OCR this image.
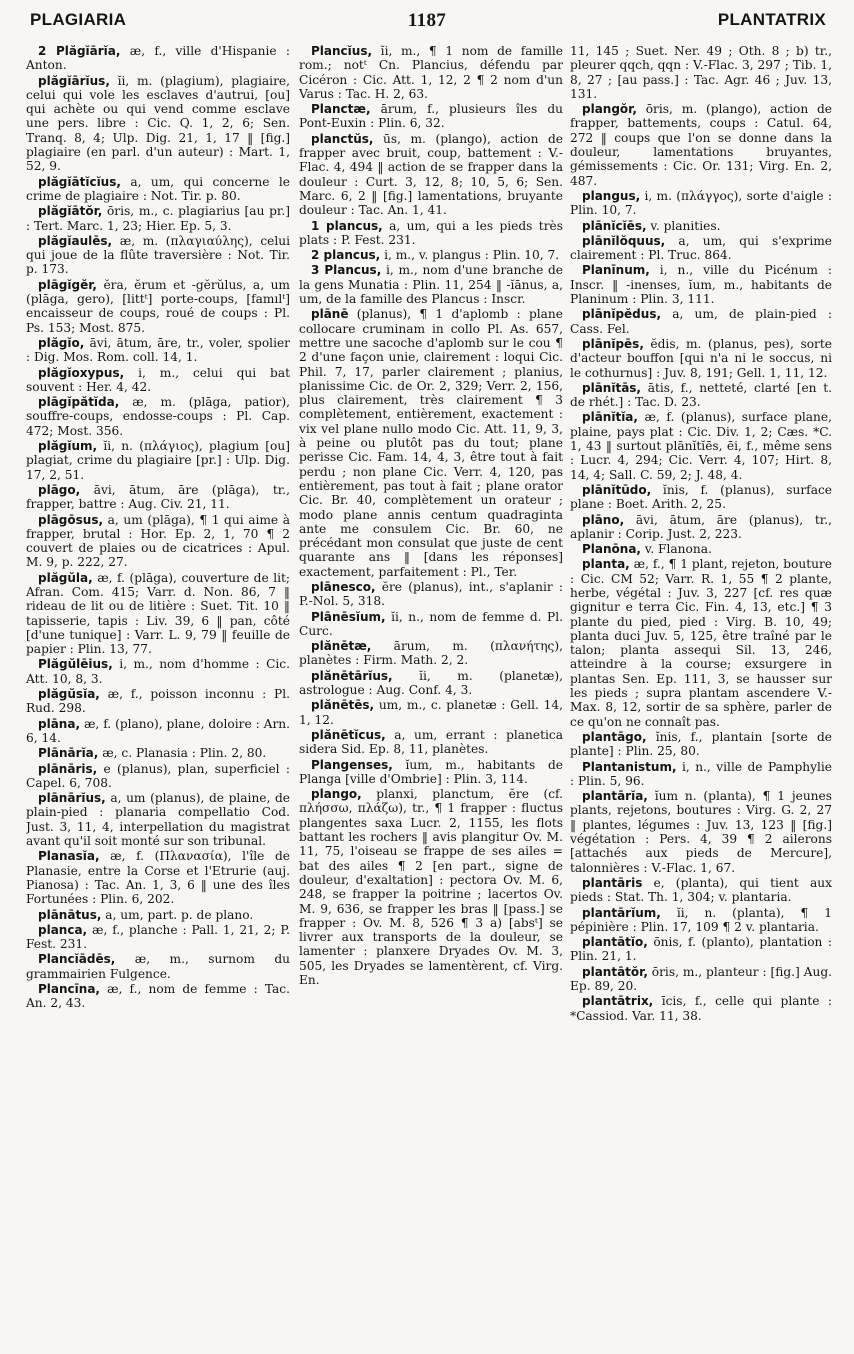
PLAGIARIA	1187	PLANTATRIX

2 Plăgĭārĭa, æ, f., ville d'Hispanie : Anton.

plăgĭārĭus, ĭi, m. (plagium), plagiaire, celui qui vole les esclaves d'autrui, [ou] qui achète ou qui vend comme esclave une pers. libre : Cic. Q. 1, 2, 6; Sen. Tranq. 8, 4; Ulp. Dig. 21, 1, 17 ‖ [fig.] plagiaire (en parl. d'un auteur) : Mart. 1, 52, 9.

plăgĭātĭcĭus, a, um, qui concerne le crime de plagiaire : Not. Tir. p. 80.

plăgĭātŏr, ōris, m., c. plagiarius [au pr.] : Tert. Marc. 1, 23; Hier. Ep. 5, 3.

plăgĭaulēs, æ, m. (πλαγιαύλης), celui qui joue de la flûte traversière : Not. Tir. p. 173.

plāgĭgĕr, ĕra, ĕrum et -gĕrŭlus, a, um (plāga, gero), [littᵗ] porte-coups, [famılᵗ] encaisseur de coups, roué de coups : Pl. Ps. 153; Most. 875.

plăgĭo, āvi, ātum, āre, tr., voler, spolier : Dig. Mos. Rom. coll. 14, 1.

plăgĭoxypus, i, m., celui qui bat souvent : Her. 4, 42.

plāgĭpătĭda, æ, m. (plāga, patior), souffre-coups, endosse-coups : Pl. Cap. 472; Most. 356.

plăgĭum, ĭi, n. (πλάγιος), plagium [ou] plagiat, crime du plagiaire [pr.] : Ulp. Dig. 17, 2, 51.

plāgo, āvi, ātum, āre (plāga), tr., frapper, battre : Aug. Civ. 21, 11.

plāgōsus, a, um (plāga), ¶ 1 qui aime à frapper, brutal : Hor. Ep. 2, 1, 70 ¶ 2 couvert de plaies ou de cicatrices : Apul. M. 9, p. 222, 27.

plăgŭla, æ, f. (plāga), couverture de lit; Afran. Com. 415; Varr. d. Non. 86, 7 ‖ rideau de lit ou de litière : Suet. Tit. 10 ‖ tapisserie, tapis : Liv. 39, 6 ‖ pan, côté [d'une tunique] : Varr. L. 9, 79 ‖ feuille de papier : Plin. 13, 77.

Plăgŭlēius, i, m., nom d'homme : Cic. Att. 10, 8, 3.

plăgŭsĭa, æ, f., poisson inconnu : Pl. Rud. 298.

plāna, æ, f. (plano), plane, doloire : Arn. 6, 14.

Plānārĭa, æ, c. Planasia : Plin. 2, 80.

plānāris, e (planus), plan, superficiel : Capel. 6, 708.

plānārĭus, a, um (planus), de plaine, de plain-pied : planaria compellatio Cod. Just. 3, 11, 4, interpellation du magistrat avant qu'il soit monté sur son tribunal.

Planasĭa, æ, f. (Πλανασία), l'île de Planasie, entre la Corse et l'Etrurie (auj. Pianosa) : Tac. An. 1, 3, 6 ‖ une des îles Fortunées : Plin. 6, 202.

plānātus, a, um, part. p. de plano.

planca, æ, f., planche : Pall. 1, 21, 2; P. Fest. 231.

Plancĭādēs, æ, m., surnom du grammairien Fulgence.

Plancīna, æ, f., nom de femme : Tac. An. 2, 43.

Plancĭus, ĭi, m., ¶ 1 nom de famille rom.; notᵗ Cn. Plancius, défendu par Cicéron : Cic. Att. 1, 12, 2 ¶ 2 nom d'un Varus : Tac. H. 2, 63.

Planctæ, ārum, f., plusieurs îles du Pont-Euxin : Plin. 6, 32.

planctŭs, ūs, m. (plango), action de frapper avec bruit, coup, battement : V.-Flac. 4, 494 ‖ action de se frapper dans la douleur : Curt. 3, 12, 8; 10, 5, 6; Sen. Marc. 6, 2 ‖ [fig.] lamentations, bruyante douleur : Tac. An. 1, 41.

1 plancus, a, um, qui a les pieds très plats : P. Fest. 231.

2 plancus, i, m., v. plangus : Plin. 10, 7.

3 Plancus, i, m., nom d'une branche de la gens Munatia : Plin. 11, 254 ‖ -ĭānus, a, um, de la famille des Plancus : Inscr.

plānē (planus), ¶ 1 d'aplomb : plane collocare cruminam in collo Pl. As. 657, mettre une sacoche d'aplomb sur le cou ¶ 2 d'une façon unie, clairement : loqui Cic. Phil. 7, 17, parler clairement ; planius, planissime Cic. de Or. 2, 329; Verr. 2, 156, plus clairement, très clairement ¶ 3 complètement, entièrement, exactement : vix vel plane nullo modo Cic. Att. 11, 9, 3, à peine ou plutôt pas du tout; plane perisse Cic. Fam. 14, 4, 3, être tout à fait perdu ; non plane Cic. Verr. 4, 120, pas entièrement, pas tout à fait ; plane orator Cic. Br. 40, complètement un orateur ; modo plane annis centum quadraginta ante me consulem Cic. Br. 60, ne précédant mon consulat que juste de cent quarante ans ‖ [dans les réponses] exactement, parfaitement : Pl., Ter.

plānesco, ĕre (planus), int., s'aplanir : P.-Nol. 5, 318.

Plānēsĭum, ĭi, n., nom de femme d. Pl. Curc.

plănētæ, ārum, m. (πλανήτης), planètes : Firm. Math. 2, 2.

plănētārĭus, ĭi, m. (planetæ), astrologue : Aug. Conf. 4, 3.

plănētēs, um, m., c. planetæ : Gell. 14, 1, 12.

plănētĭcus, a, um, errant : planetica sidera Sid. Ep. 8, 11, planètes.

Plangenses, ĭum, m., habitants de Planga [ville d'Ombrie] : Plin. 3, 114.

plango, planxi, planctum, ĕre (cf. πλήσσω, πλάζω), tr., ¶ 1 frapper : fluctus plangentes saxa Lucr. 2, 1155, les flots battant les rochers ‖ avis plangitur Ov. M. 11, 75, l'oiseau se frappe de ses ailes = bat des ailes ¶ 2 [en part., signe de douleur, d'exaltation] : pectora Ov. M. 6, 248, se frapper la poitrine ; lacertos Ov. M. 9, 636, se frapper les bras ‖ [pass.] se frapper : Ov. M. 8, 526 ¶ 3 a) [absᵗ] se livrer aux transports de la douleur, se lamenter : planxere Dryades Ov. M. 3, 505, les Dryades se lamentèrent, cf. Virg. En.

11, 145 ; Suet. Ner. 49 ; Oth. 8 ; b) tr., pleurer qqch, qqn : V.-Flac. 3, 297 ; Tib. 1, 8, 27 ; [au pass.] : Tac. Agr. 46 ; Juv. 13, 131.

plangŏr, ōris, m. (plango), action de frapper, battements, coups : Catul. 64, 272 ‖ coups que l'on se donne dans la douleur, lamentations bruyantes, gémissements : Cic. Or. 131; Virg. En. 2, 487.

plangus, i, m. (πλάγγος), sorte d'aigle : Plin. 10, 7.

plānĭcĭēs, v. planities.

plānĭlŏquus, a, um, qui s'exprime clairement : Pl. Truc. 864.

Planīnum, i, n., ville du Picénum : Inscr. ‖ -inenses, ĭum, m., habitants de Planinum : Plin. 3, 111.

plānĭpĕdus, a, um, de plain-pied : Cass. Fel.

plānĭpēs, ĕdis, m. (planus, pes), sorte d'acteur bouffon [qui n'a ni le soccus, ni le cothurnus] : Juv. 8, 191; Gell. 1, 11, 12.

plānĭtās, ātis, f., netteté, clarté [en t. de rhét.] : Tac. D. 23.

plānĭtĭa, æ, f. (planus), surface plane, plaine, pays plat : Cic. Div. 1, 2; Cæs. *C. 1, 43 ‖ surtout plānĭtĭēs, ēi, f., même sens : Lucr. 4, 294; Cic. Verr. 4, 107; Hirt. 8, 14, 4; Sall. C. 59, 2; J. 48, 4.

plānĭtūdo, ĭnis, f. (planus), surface plane : Boet. Arith. 2, 25.

plāno, āvi, ātum, āre (planus), tr., aplanir : Corip. Just. 2, 223.

Planōna, v. Flanona.

planta, æ, f., ¶ 1 plant, rejeton, bouture : Cic. CM 52; Varr. R. 1, 55 ¶ 2 plante, herbe, végétal : Juv. 3, 227 [cf. res quæ gignitur e terra Cic. Fin. 4, 13, etc.] ¶ 3 plante du pied, pied : Virg. B. 10, 49; planta duci Juv. 5, 125, être traîné par le talon; planta assequi Sil. 13, 246, atteindre à la course; exsurgere in plantas Sen. Ep. 111, 3, se hausser sur les pieds ; supra plantam ascendere V.-Max. 8, 12, sortir de sa sphère, parler de ce qu'on ne connaît pas.

plantāgo, ĭnis, f., plantain [sorte de plante] : Plin. 25, 80.

Plantanistum, i, n., ville de Pamphylie : Plin. 5, 96.

plantārĭa, ĭum n. (planta), ¶ 1 jeunes plants, rejetons, boutures : Virg. G. 2, 27 ‖ plantes, légumes : Juv. 13, 123 ‖ [fig.] végétation : Pers. 4, 39 ¶ 2 ailerons [attachés aux pieds de Mercure], talonnières : V.-Flac. 1, 67.

plantāris e, (planta), qui tient aux pieds : Stat. Th. 1, 304; v. plantaria.

plantārĭum, ĭi, n. (planta), ¶ 1 pépinière : Plin. 17, 109 ¶ 2 v. plantaria.

plantātĭo, ōnis, f. (planto), plantation : Plin. 21, 1.

plantātŏr, ōris, m., planteur : [fig.] Aug. Ep. 89, 20.

plantātrix, īcis, f., celle qui plante : *Cassiod. Var. 11, 38.
